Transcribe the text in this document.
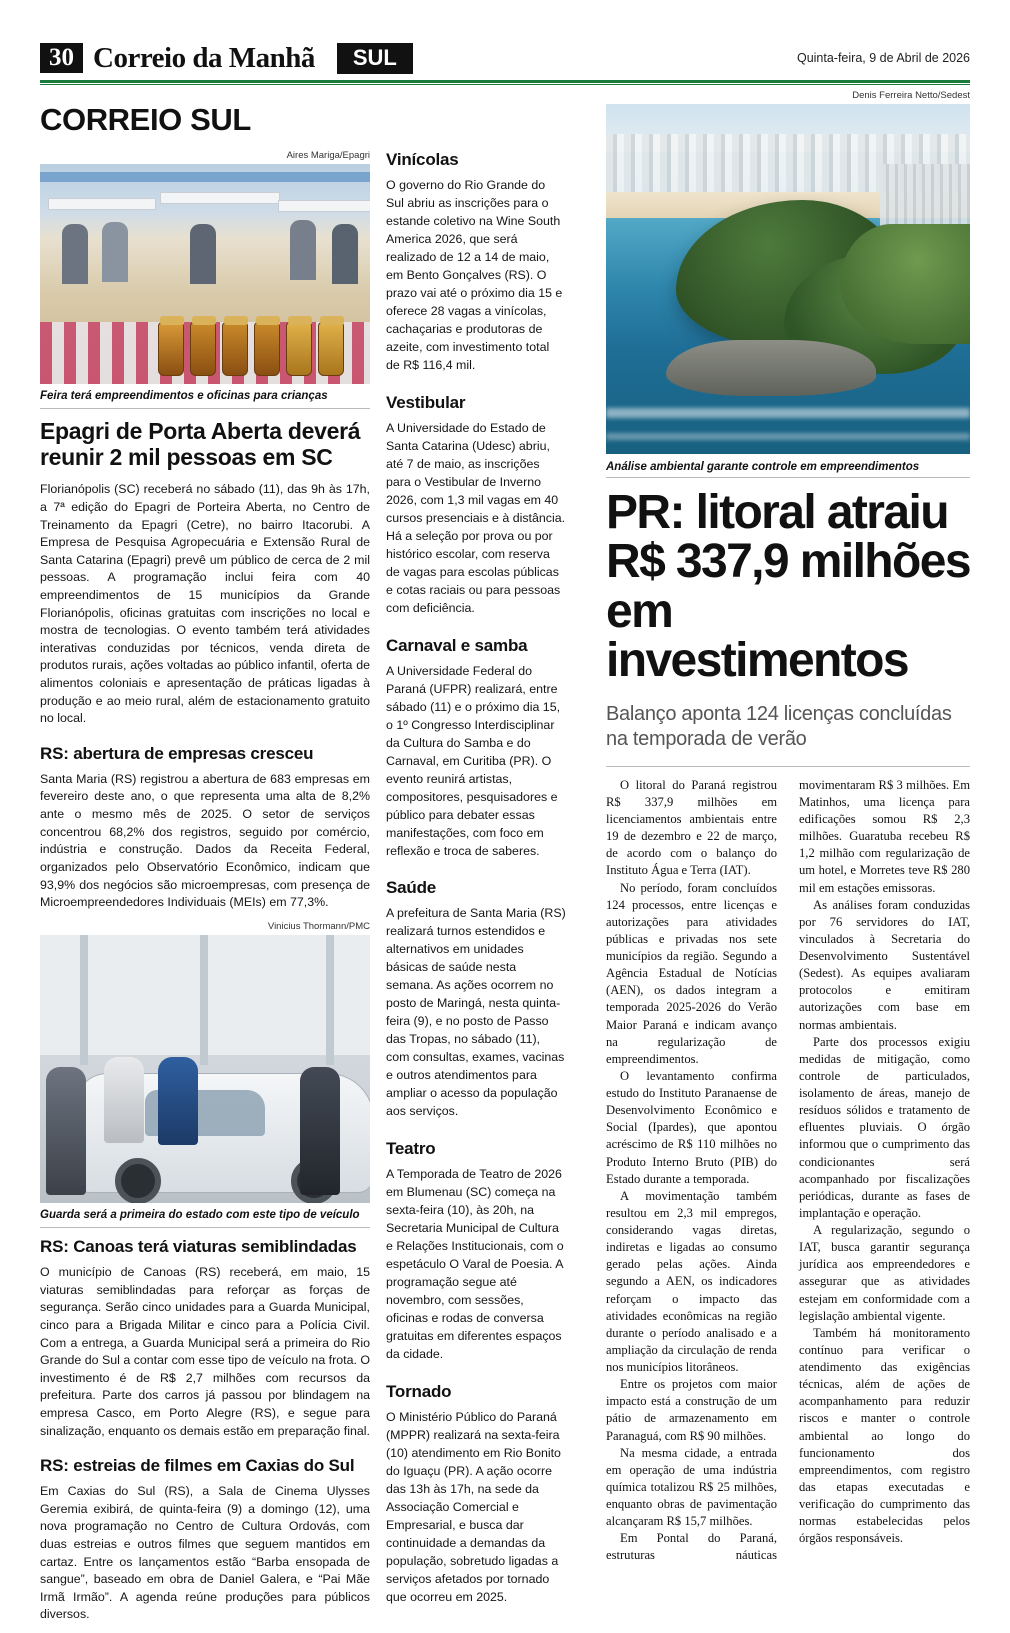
30 Correio da Manhã	SUL	Quinta-feira, 9 de Abril de 2026
CORREIO SUL
Aires Mariga/Epagri
Feira terá empreendimentos e oficinas para crianças
Epagri de Porta Aberta deverá reunir 2 mil pessoas em SC

Florianópolis (SC) receberá no sábado (11), das 9h às 17h, a 7ª edição do Epagri de Porteira Aberta, no Centro de Treinamento da Epagri (Cetre), no bairro Itacorubi. A Empresa de Pesquisa Agropecuária e Extensão Rural de Santa Catarina (Epagri) prevê um público de cerca de 2 mil pessoas. A programação inclui feira com 40 empreendimentos de 15 municípios da Grande Florianópolis, oficinas gratuitas com inscrições no local e mostra de tecnologias. O evento também terá atividades interativas conduzidas por técnicos, venda direta de produtos rurais, ações voltadas ao público infantil, oferta de alimentos coloniais e apresentação de práticas ligadas à produção e ao meio rural, além de estacionamento gratuito no local.

RS: abertura de empresas cresceu

Santa Maria (RS) registrou a abertura de 683 empresas em fevereiro deste ano, o que representa uma alta de 8,2% ante o mesmo mês de 2025. O setor de serviços concentrou 68,2% dos registros, seguido por comércio, indústria e construção. Dados da Receita Federal, organizados pelo Observatório Econômico, indicam que 93,9% dos negócios são microempresas, com presença de Microempreendedores Individuais (MEIs) em 77,3%.

Vinicius Thormann/PMC
Guarda será a primeira do estado com este tipo de veículo
RS: Canoas terá viaturas semiblindadas

O município de Canoas (RS) receberá, em maio, 15 viaturas semiblindadas para reforçar as forças de segurança. Serão cinco unidades para a Guarda Municipal, cinco para a Brigada Militar e cinco para a Polícia Civil. Com a entrega, a Guarda Municipal será a primeira do Rio Grande do Sul a contar com esse tipo de veículo na frota. O investimento é de R$ 2,7 milhões com recursos da prefeitura. Parte dos carros já passou por blindagem na empresa Casco, em Porto Alegre (RS), e segue para sinalização, enquanto os demais estão em preparação final.

RS: estreias de filmes em Caxias do Sul

Em Caxias do Sul (RS), a Sala de Cinema Ulysses Geremia exibirá, de quinta-feira (9) a domingo (12), uma nova programação no Centro de Cultura Ordovás, com duas estreias e outros filmes que seguem mantidos em cartaz. Entre os lançamentos estão “Barba ensopada de sangue”, baseado em obra de Daniel Galera, e “Pai Mãe Irmã Irmão”. A agenda reúne produções para públicos diversos.

Vinícolas

O governo do Rio Grande do Sul abriu as inscrições para o estande coletivo na Wine South America 2026, que será realizado de 12 a 14 de maio, em Bento Gonçalves (RS). O prazo vai até o próximo dia 15 e oferece 28 vagas a vinícolas, cachaçarias e produtoras de azeite, com investimento total de R$ 116,4 mil.

Vestibular

A Universidade do Estado de Santa Catarina (Udesc) abriu, até 7 de maio, as inscrições para o Vestibular de Inverno 2026, com 1,3 mil vagas em 40 cursos presenciais e à distância. Há a seleção por prova ou por histórico escolar, com reserva de vagas para escolas públicas e cotas raciais ou para pessoas com deficiência.

Carnaval e samba

A Universidade Federal do Paraná (UFPR) realizará, entre sábado (11) e o próximo dia 15, o 1º Congresso Interdisciplinar da Cultura do Samba e do Carnaval, em Curitiba (PR). O evento reunirá artistas, compositores, pesquisadores e público para debater essas manifestações, com foco em reflexão e troca de saberes.

Saúde

A prefeitura de Santa Maria (RS) realizará turnos estendidos e alternativos em unidades básicas de saúde nesta semana. As ações ocorrem no posto de Maringá, nesta quinta-feira (9), e no posto de Passo das Tropas, no sábado (11), com consultas, exames, vacinas e outros atendimentos para ampliar o acesso da população aos serviços.

Teatro

A Temporada de Teatro de 2026 em Blumenau (SC) começa na sexta-feira (10), às 20h, na Secretaria Municipal de Cultura e Relações Institucionais, com o espetáculo O Varal de Poesia. A programação segue até novembro, com sessões, oficinas e rodas de conversa gratuitas em diferentes espaços da cidade.

Tornado

O Ministério Público do Paraná (MPPR) realizará na sexta-feira (10) atendimento em Rio Bonito do Iguaçu (PR). A ação ocorre das 13h às 17h, na sede da Associação Comercial e Empresarial, e busca dar continuidade a demandas da população, sobretudo ligadas a serviços afetados por tornado que ocorreu em 2025.

Denis Ferreira Netto/Sedest
Análise ambiental garante controle em empreendimentos
PR: litoral atraiu R$ 337,9 milhões em investimentos
Balanço aponta 124 licenças concluídas na temporada de verão

O litoral do Paraná registrou R$ 337,9 milhões em licenciamentos ambientais entre 19 de dezembro e 22 de março, de acordo com o balanço do Instituto Água e Terra (IAT).

No período, foram concluídos 124 processos, entre licenças e autorizações para atividades públicas e privadas nos sete municípios da região. Segundo a Agência Estadual de Notícias (AEN), os dados integram a temporada 2025-2026 do Verão Maior Paraná e indicam avanço na regularização de empreendimentos.

O levantamento confirma estudo do Instituto Paranaense de Desenvolvimento Econômico e Social (Ipardes), que apontou acréscimo de R$ 110 milhões no Produto Interno Bruto (PIB) do Estado durante a temporada.

A movimentação também resultou em 2,3 mil empregos, considerando vagas diretas, indiretas e ligadas ao consumo gerado pelas ações. Ainda segundo a AEN, os indicadores reforçam o impacto das atividades econômicas na região durante o período analisado e a ampliação da circulação de renda nos municípios litorâneos.

Entre os projetos com maior impacto está a construção de um pátio de armazenamento em Paranaguá, com R$ 90 milhões.

Na mesma cidade, a entrada em operação de uma indústria química totalizou R$ 25 milhões, enquanto obras de pavimentação alcançaram R$ 15,7 milhões.

Em Pontal do Paraná, estruturas náuticas movimentaram R$ 3 milhões. Em Matinhos, uma licença para edificações somou R$ 2,3 milhões. Guaratuba recebeu R$ 1,2 milhão com regularização de um hotel, e Morretes teve R$ 280 mil em estações emissoras.

As análises foram conduzidas por 76 servidores do IAT, vinculados à Secretaria do Desenvolvimento Sustentável (Sedest). As equipes avaliaram protocolos e emitiram autorizações com base em normas ambientais.

Parte dos processos exigiu medidas de mitigação, como controle de particulados, isolamento de áreas, manejo de resíduos sólidos e tratamento de efluentes pluviais. O órgão informou que o cumprimento das condicionantes será acompanhado por fiscalizações periódicas, durante as fases de implantação e operação.

A regularização, segundo o IAT, busca garantir segurança jurídica aos empreendedores e assegurar que as atividades estejam em conformidade com a legislação ambiental vigente.

Também há monitoramento contínuo para verificar o atendimento das exigências técnicas, além de ações de acompanhamento para reduzir riscos e manter o controle ambiental ao longo do funcionamento dos empreendimentos, com registro das etapas executadas e verificação do cumprimento das normas estabelecidas pelos órgãos responsáveis.
